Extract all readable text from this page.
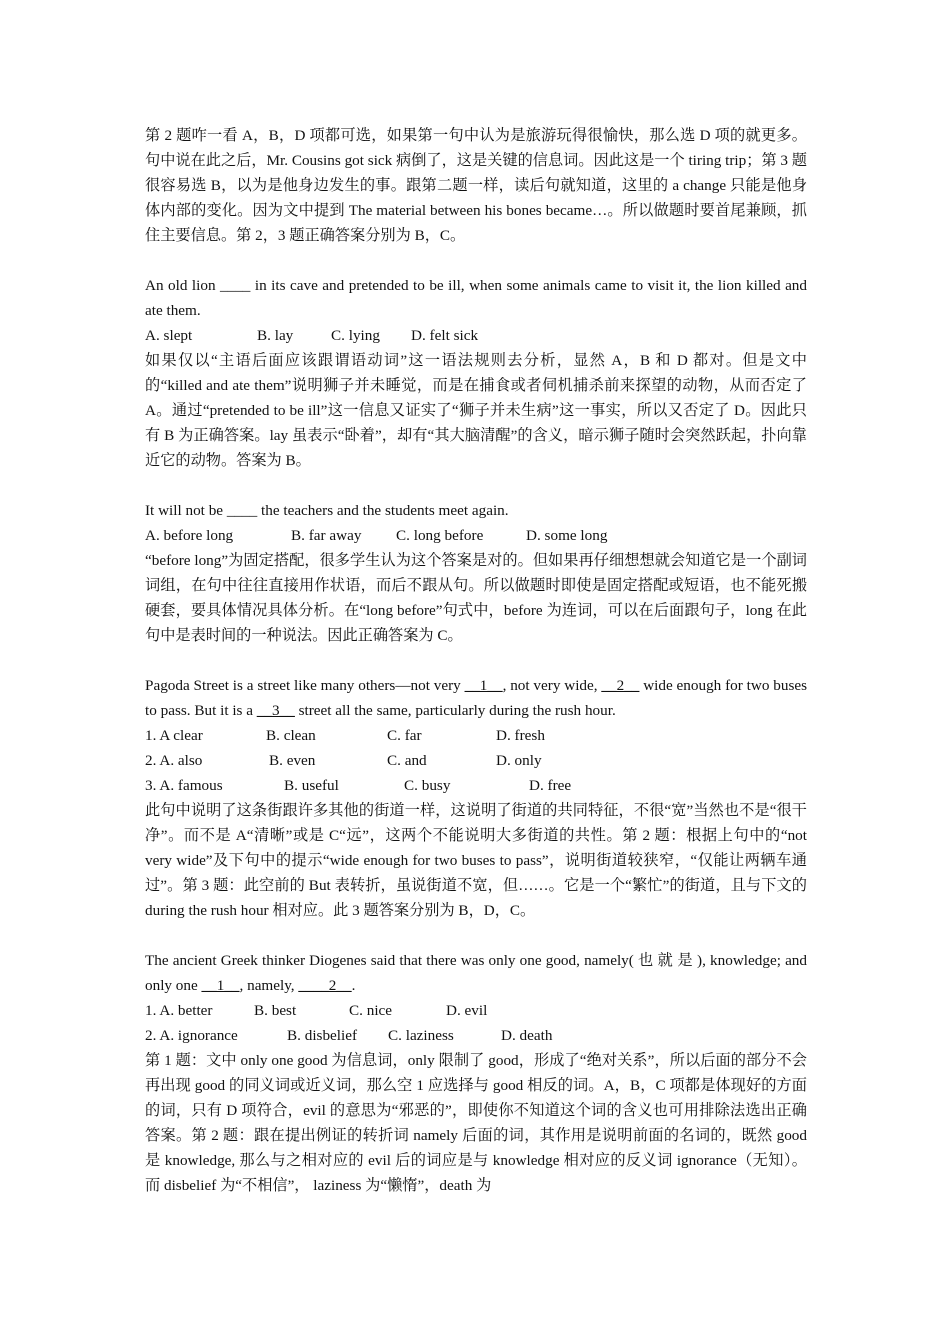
第 2 题咋一看 A，B，D 项都可选，如果第一句中认为是旅游玩得很愉快，那么选 D 项的就更多。句中说在此之后，Mr. Cousins got sick 病倒了，这是关键的信息词。因此这是一个 tiring trip；第 3 题很容易选 B，以为是他身边发生的事。跟第二题一样，读后句就知道，这里的 a change 只能是他身体内部的变化。因为文中提到 The material between his bones became…。所以做题时要首尾兼顾，抓住主要信息。第 2，3 题正确答案分别为 B，C。

An old lion ____ in its cave and pretended to be ill, when some animals came to visit it, the lion killed and ate them.

A. slept	B. lay C. lying D. felt sick

如果仅以“主语后面应该跟谓语动词”这一语法规则去分析，显然 A，B 和 D 都对。但是文中的“killed and ate them”说明狮子并未睡觉，而是在捕食或者伺机捕杀前来探望的动物，从而否定了 A。通过“pretended to be ill”这一信息又证实了“狮子并未生病”这一事实，所以又否定了 D。因此只有 B 为正确答案。lay 虽表示“卧着”，却有“其大脑清醒”的含义，暗示狮子随时会突然跃起，扑向靠近它的动物。答案为 B。

It will not be ____ the teachers and the students meet again.

A. before long	B. far away C. long before	D. some long

“before long”为固定搭配，很多学生认为这个答案是对的。但如果再仔细想想就会知道它是一个副词词组，在句中往往直接用作状语，而后不跟从句。所以做题时即使是固定搭配或短语，也不能死搬硬套，要具体情况具体分析。在“long before”句式中，before 为连词，可以在后面跟句子，long 在此句中是表时间的一种说法。因此正确答案为 C。

Pagoda Street is a street like many others—not very __1__, not very wide, __2__ wide enough for two buses to pass. But it is a __3__ street all the same, particularly during the rush hour.

1. A clear	B. clean	C. far	D. fresh

2. A. also	B. even	C. and	D. only

3. A. famous	B. useful	C. busy	D. free

此句中说明了这条街跟许多其他的街道一样，这说明了街道的共同特征，不很“宽”当然也不是“很干净”。而不是 A“清晰”或是 C“远”，这两个不能说明大多街道的共性。第 2 题：根据上句中的“not very wide”及下句中的提示“wide enough for two buses to pass”，说明街道较狭窄，“仅能让两辆车通过”。第 3 题：此空前的 But 表转折，虽说街道不宽，但……。它是一个“繁忙”的街道，且与下文的 during the rush hour 相对应。此 3 题答案分别为 B，D，C。

The ancient Greek thinker Diogenes said that there was only one good, namely( 也 就 是 ), knowledge; and only one __1__, namely, ____2__.

1. A. better	B. best	C. nice	D. evil

2. A. ignorance	B. disbelief C. laziness	D. death

第 1 题：文中 only one good 为信息词，only 限制了 good，形成了“绝对关系”，所以后面的部分不会再出现 good 的同义词或近义词，那么空 1 应选择与 good 相反的词。A，B，C 项都是体现好的方面的词，只有 D 项符合，evil 的意思为“邪恶的”，即使你不知道这个词的含义也可用排除法选出正确答案。第 2 题：跟在提出例证的转折词 namely 后面的词，其作用是说明前面的名词的，既然 good 是 knowledge, 那么与之相对应的 evil 后的词应是与 knowledge 相对应的反义词 ignorance（无知）。而 disbelief 为“不相信”， laziness 为“懒惰”，death 为
